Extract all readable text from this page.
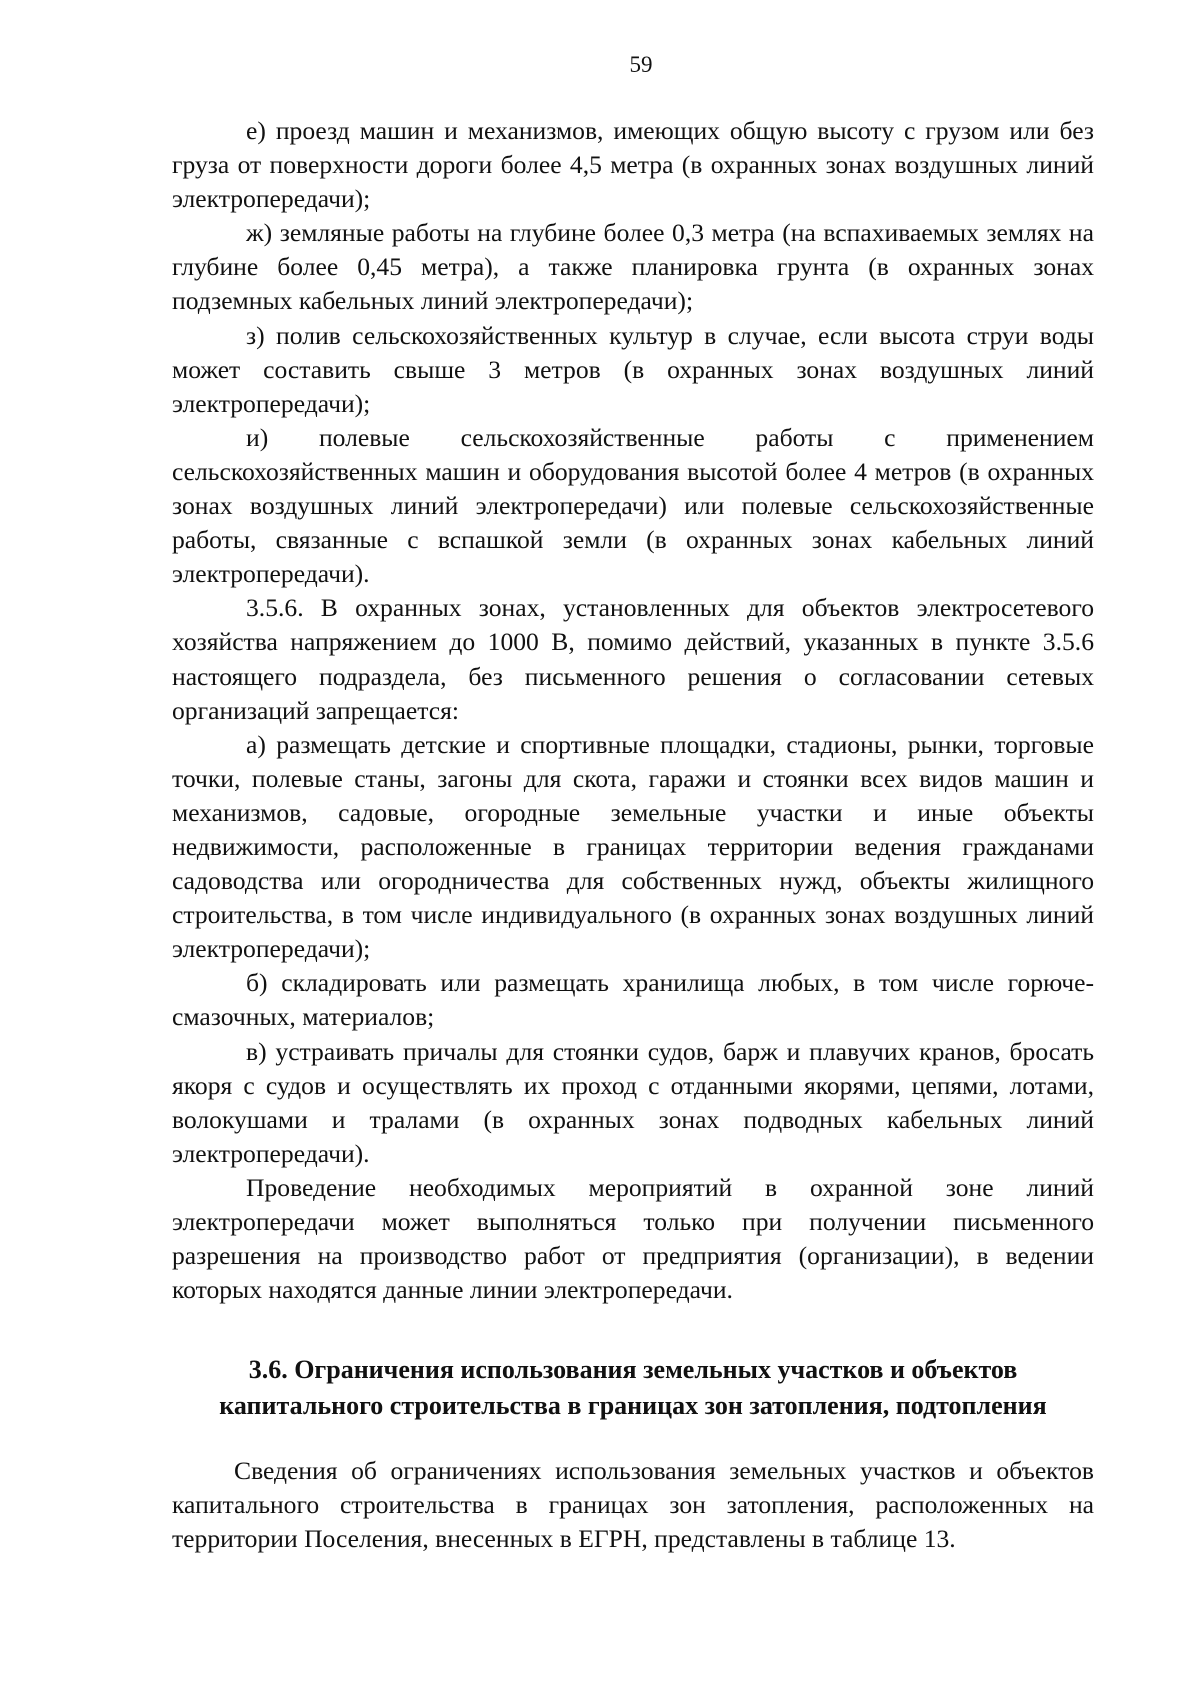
59

е) проезд машин и механизмов, имеющих общую высоту с грузом или без груза от поверхности дороги более 4,5 метра (в охранных зонах воздушных линий электропередачи);

ж) земляные работы на глубине более 0,3 метра (на вспахиваемых землях на глубине более 0,45 метра), а также планировка грунта (в охранных зонах подземных кабельных линий электропередачи);

з) полив сельскохозяйственных культур в случае, если высота струи воды может составить свыше 3 метров (в охранных зонах воздушных линий электропередачи);

и) полевые сельскохозяйственные работы с применением сельскохозяйственных машин и оборудования высотой более 4 метров (в охранных зонах воздушных линий электропередачи) или полевые сельскохозяйственные работы, связанные с вспашкой земли (в охранных зонах кабельных линий электропередачи).

3.5.6. В охранных зонах, установленных для объектов электросетевого хозяйства напряжением до 1000 В, помимо действий, указанных в пункте 3.5.6 настоящего подраздела, без письменного решения о согласовании сетевых организаций запрещается:

а) размещать детские и спортивные площадки, стадионы, рынки, торговые точки, полевые станы, загоны для скота, гаражи и стоянки всех видов машин и механизмов, садовые, огородные земельные участки и иные объекты недвижимости, расположенные в границах территории ведения гражданами садоводства или огородничества для собственных нужд, объекты жилищного строительства, в том числе индивидуального (в охранных зонах воздушных линий электропередачи);

б) складировать или размещать хранилища любых, в том числе горюче-смазочных, материалов;

в) устраивать причалы для стоянки судов, барж и плавучих кранов, бросать якоря с судов и осуществлять их проход с отданными якорями, цепями, лотами, волокушами и тралами (в охранных зонах подводных кабельных линий электропередачи).

Проведение необходимых мероприятий в охранной зоне линий электропередачи может выполняться только при получении письменного разрешения на производство работ от предприятия (организации), в ведении которых находятся данные линии электропередачи.

3.6. Ограничения использования земельных участков и объектов
капитального строительства в границах зон затопления, подтопления

Сведения об ограничениях использования земельных участков и объектов капитального строительства в границах зон затопления, расположенных на территории Поселения, внесенных в ЕГРН, представлены в таблице 13.
